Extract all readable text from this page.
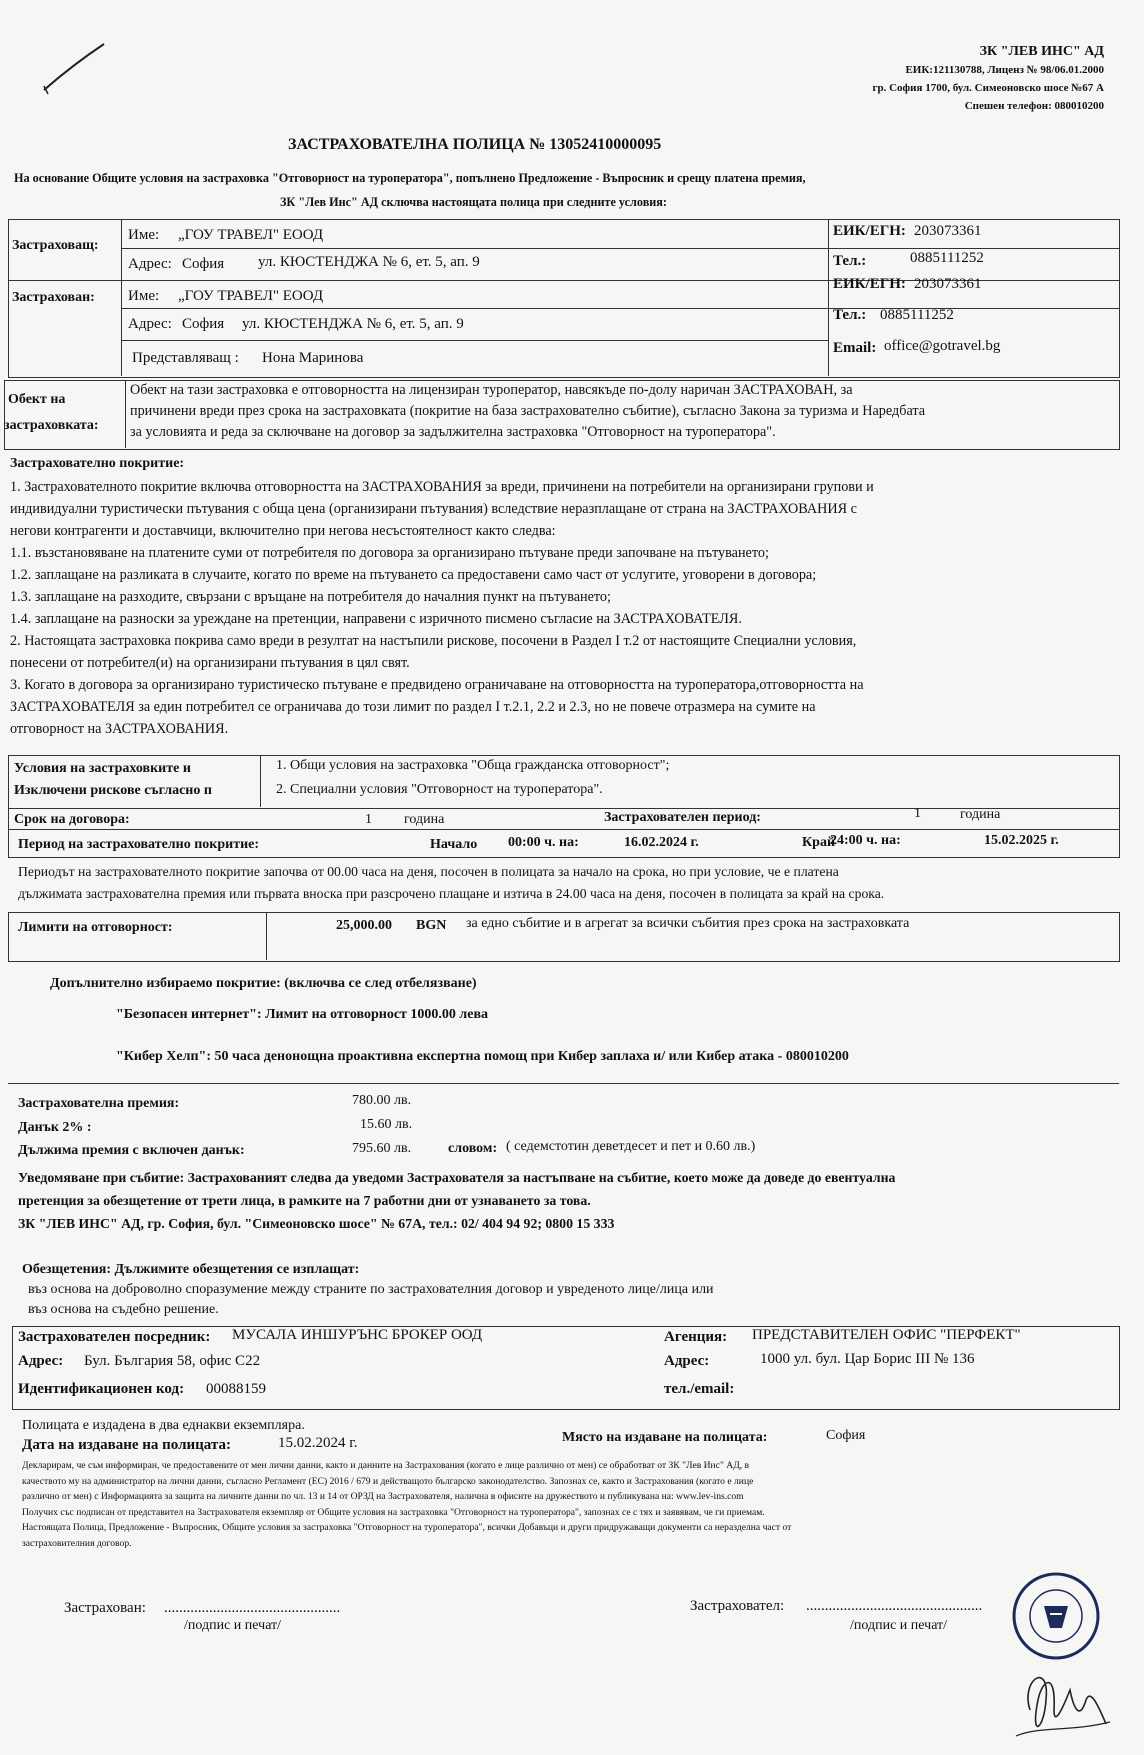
ЗК "ЛЕВ ИНС" АД
ЕИК:121130788, Лиценз № 98/06.01.2000
гр. София 1700, бул. Симеоновско шосе №67 А
Спешен телефон: 080010200
ЗАСТРАХОВАТЕЛНА ПОЛИЦА № 13052410000095
На основание Общите условия на застраховка "Отговорност на туроператора", попълнено Предложение - Въпросник и срещу платена премия,
ЗК "Лев Инс" АД сключва настоящата полица при следните условия:
Застраховащ:
Име: „ГОУ ТРАВЕЛ" ЕООД
Адрес: София ул. КЮСТЕНДЖА № 6, ет. 5, ап. 9
ЕИК/ЕГН: 203073361
Тел.:	0885111252
Застрахован: Име: „ГОУ ТРАВЕЛ" ЕООД
Адрес: София ул. КЮСТЕНДЖА № 6, ет. 5, ап. 9
Представляващ : Нона Маринова
ЕИК/ЕГН: 203073361
Тел.: 0885111252
Email: office@gotravel.bg
Обект на
застраховката:
Обект на тази застраховка е отговорността на лицензиран туроператор, навсякъде по-долу наричан ЗАСТРАХОВАН, за
причинени вреди през срока на застраховката (покритие на база застрахователно събитие), съгласно Закона за туризма и Наредбата
за условията и реда за сключване на договор за задължителна застраховка "Отговорност на туроператора".
Застрахователно покритие:
1. Застрахователното покритие включва отговорността на ЗАСТРАХОВАНИЯ за вреди, причинени на потребители на организирани групови и
индивидуални туристически пътувания с обща цена (организирани пътувания) вследствие неразплащане от страна на ЗАСТРАХОВАНИЯ с
негови контрагенти и доставчици, включително при негова несъстоятелност както следва:
1.1. възстановяване на платените суми от потребителя по договора за организирано пътуване преди започване на пътуването;
1.2. заплащане на разликата в случаите, когато по време на пътуването са предоставени само част от услугите, уговорени в договора;
1.3. заплащане на разходите, свързани с връщане на потребителя до началния пункт на пътуването;
1.4. заплащане на разноски за уреждане на претенции, направени с изричното писмено съгласие на ЗАСТРАХОВАТЕЛЯ.
2. Настоящата застраховка покрива само вреди в резултат на настъпили рискове, посочени в Раздел I т.2 от настоящите Специални условия,
понесени от потребител(и) на организирани пътувания в цял свят.
3. Когато в договора за организирано туристическо пътуване е предвидено ограничаване на отговорността на туроператора,отговорността на
ЗАСТРАХОВАТЕЛЯ за един потребител се ограничава до този лимит по раздел I т.2.1, 2.2 и 2.3, но не повече отразмера на сумите на
отговорност на ЗАСТРАХОВАНИЯ.
Условия на застраховките и
Изключени рискове съгласно п
1. Общи условия на застраховка "Обща гражданска отговорност";
2. Специални условия "Отговорност на туроператора".
Срок на договора:	1 година	Застрахователен период:	1	година
Период на застрахователно покритие:	Начало 00:00 ч. на:	16.02.2024 г.	Край
24:00 ч. на:	15.02.2025 г.
Периодът на застрахователното покритие започва от 00.00 часа на деня, посочен в полицата за начало на срока, но при условие, че е платена
дължимата застрахователна премия или първата вноска при разсрочено плащане и изтича в 24.00 часа на деня, посочен в полицата за край на срока.
Лимити на отговорност:	25,000.00 BGN за едно събитие и в агрегат за всички събития през срока на застраховката
Допълнително избираемо покритие: (включва се след отбелязване)
"Безопасен интернет": Лимит на отговорност 1000.00 лева
"Кибер Хелп": 50 часа денонощна проактивна експертна помощ при Кибер заплаха и/ или Кибер атака - 080010200
Застрахователна премия:	780.00 лв.
Данък 2% :	15.60 лв.
Дължима премия с включен данък:	795.60 лв.	словом: ( седемстотин деветдесет и пет и 0.60 лв.)
Уведомяване при събитие: Застрахованият следва да уведоми Застрахователя за настъпване на събитие, което може да доведе до евентуална
претенция за обезщетение от трети лица, в рамките на 7 работни дни от узнаването за това.
ЗК "ЛЕВ ИНС" АД, гр. София, бул. "Симеоновско шосе" № 67А, тел.: 02/ 404 94 92; 0800 15 333
Обезщетения: Дължимите обезщетения се изплащат:
въз основа на доброволно споразумение между страните по застрахователния договор и увреденото лице/лица или
въз основа на съдебно решение.
Застрахователен посредник: МУСАЛА ИНШУРЪНС БРОКЕР ООД
Адрес: Бул. България 58, офис С22
Идентификационен код: 00088159
Агенция: ПРЕДСТАВИТЕЛЕН ОФИС "ПЕРФЕКТ"
Адрес:	1000 ул. бул. Цар Борис III № 136
тел./email:
Полицата е издадена в два еднакви екземпляра.
Дата на издаване на полицата:	15.02.2024 г.	Място на издаване на полицата:	София
Декларирам, че съм информиран, че предоставените от мен лични данни, както и данните на Застрахования (когато е лице различно от мен) се обработват от ЗК "Лев Инс" АД, в
качеството му на администратор на лични данни, съгласно Регламент (ЕС) 2016 / 679 и действащото българско законодателство. Запознах се, както и Застрахования (когато е лице
различно от мен) с Информацията за защита на личните данни по чл. 13 и 14 от ОРЗД на Застрахователя, налична в офисите на дружеството и публикувана на: www.lev-ins.com
Получих със подписан от представител на Застрахователя екземпляр от Общите условия на застраховка "Отговорност на туроператора", запознах се с тях и заявявам, че ги приемам.
Настоящата Полица, Предложение - Въпросник, Общите условия за застраховка "Отговорност на туроператора", всички Добавъци и други придружаващи документи са неразделна част от
застраховителния договор.
Застрахован: ...............................................
/подпис и печат/
Застраховател: ...............................................
/подпис и печат/
